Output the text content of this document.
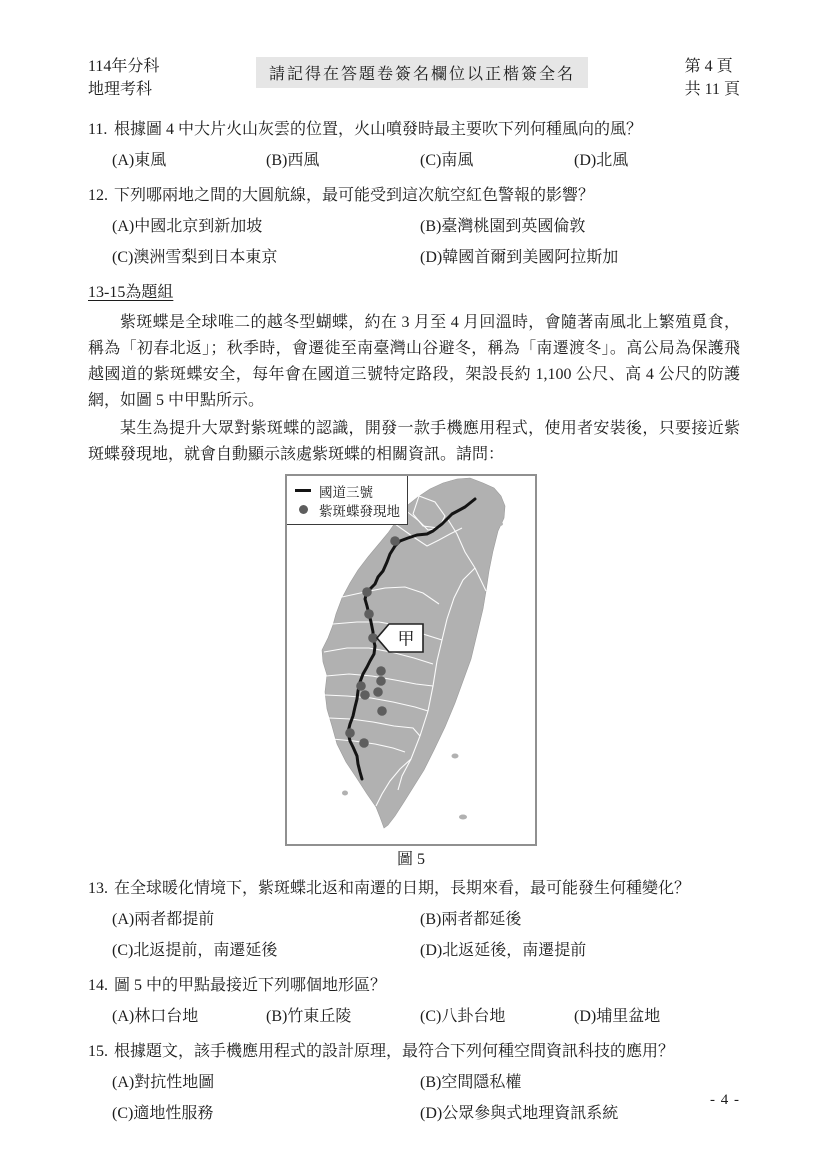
114年分科
地理考科
請記得在答題卷簽名欄位以正楷簽全名	第 4 頁
共 11 頁
11. 根據圖 4 中大片火山灰雲的位置，火山噴發時最主要吹下列何種風向的風？
(A)東風	(B)西風	(C)南風	(D)北風
12. 下列哪兩地之間的大圓航線，最可能受到這次航空紅色警報的影響？
(A)中國北京到新加坡	(B)臺灣桃園到英國倫敦
(C)澳洲雪梨到日本東京	(D)韓國首爾到美國阿拉斯加
13-15為題組

紫斑蝶是全球唯二的越冬型蝴蝶，約在 3 月至 4 月回溫時，會隨著南風北上繁殖覓食，稱為「初春北返」；秋季時，會遷徙至南臺灣山谷避冬，稱為「南遷渡冬」。高公局為保護飛越國道的紫斑蝶安全，每年會在國道三號特定路段，架設長約 1,100 公尺、高 4 公尺的防護網，如圖 5 中甲點所示。

某生為提升大眾對紫斑蝶的認識，開發一款手機應用程式，使用者安裝後，只要接近紫斑蝶發現地，就會自動顯示該處紫斑蝶的相關資訊。請問：

甲
國道三號
紫斑蝶發現地
圖 5
13. 在全球暖化情境下，紫斑蝶北返和南遷的日期，長期來看，最可能發生何種變化？
(A)兩者都提前	(B)兩者都延後
(C)北返提前，南遷延後	(D)北返延後，南遷提前
14. 圖 5 中的甲點最接近下列哪個地形區？
(A)林口台地	(B)竹東丘陵	(C)八卦台地	(D)埔里盆地
15. 根據題文，該手機應用程式的設計原理，最符合下列何種空間資訊科技的應用？
(A)對抗性地圖	(B)空間隱私權
(C)適地性服務	(D)公眾參與式地理資訊系統
- 4 -
